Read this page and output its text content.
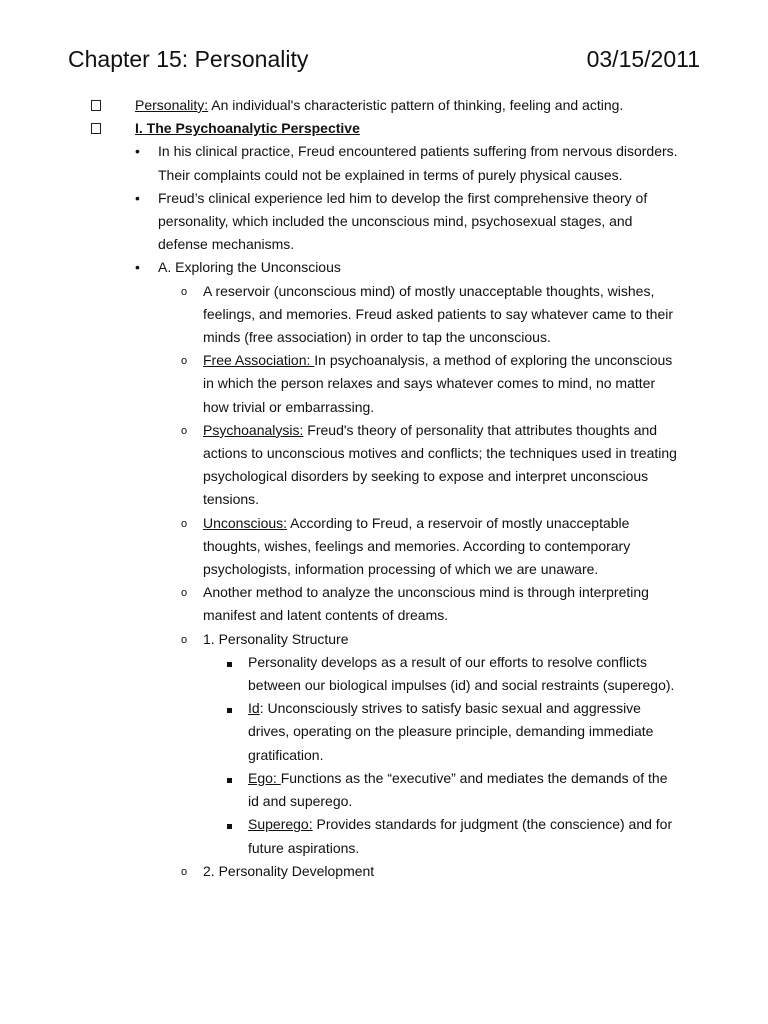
Chapter 15: Personality	03/15/2011
Personality: An individual's characteristic pattern of thinking, feeling and acting.
I. The Psychoanalytic Perspective
• In his clinical practice, Freud encountered patients suffering from nervous disorders. Their complaints could not be explained in terms of purely physical causes.
• Freud’s clinical experience led him to develop the first comprehensive theory of personality, which included the unconscious mind, psychosexual stages, and defense mechanisms.
• A. Exploring the Unconscious
o A reservoir (unconscious mind) of mostly unacceptable thoughts, wishes, feelings, and memories. Freud asked patients to say whatever came to their minds (free association) in order to tap the unconscious.
o Free Association: In psychoanalysis, a method of exploring the unconscious in which the person relaxes and says whatever comes to mind, no matter how trivial or embarrassing.
o Psychoanalysis: Freud's theory of personality that attributes thoughts and actions to unconscious motives and conflicts; the techniques used in treating psychological disorders by seeking to expose and interpret unconscious tensions.
o Unconscious: According to Freud, a reservoir of mostly unacceptable thoughts, wishes, feelings and memories. According to contemporary psychologists, information processing of which we are unaware.
o Another method to analyze the unconscious mind is through interpreting manifest and latent contents of dreams.
o 1. Personality Structure
Personality develops as a result of our efforts to resolve conflicts between our biological impulses (id) and social restraints (superego).
Id: Unconsciously strives to satisfy basic sexual and aggressive drives, operating on the pleasure principle, demanding immediate gratification.
Ego: Functions as the “executive” and mediates the demands of the id and superego.
Superego: Provides standards for judgment (the conscience) and for future aspirations.
o 2. Personality Development
